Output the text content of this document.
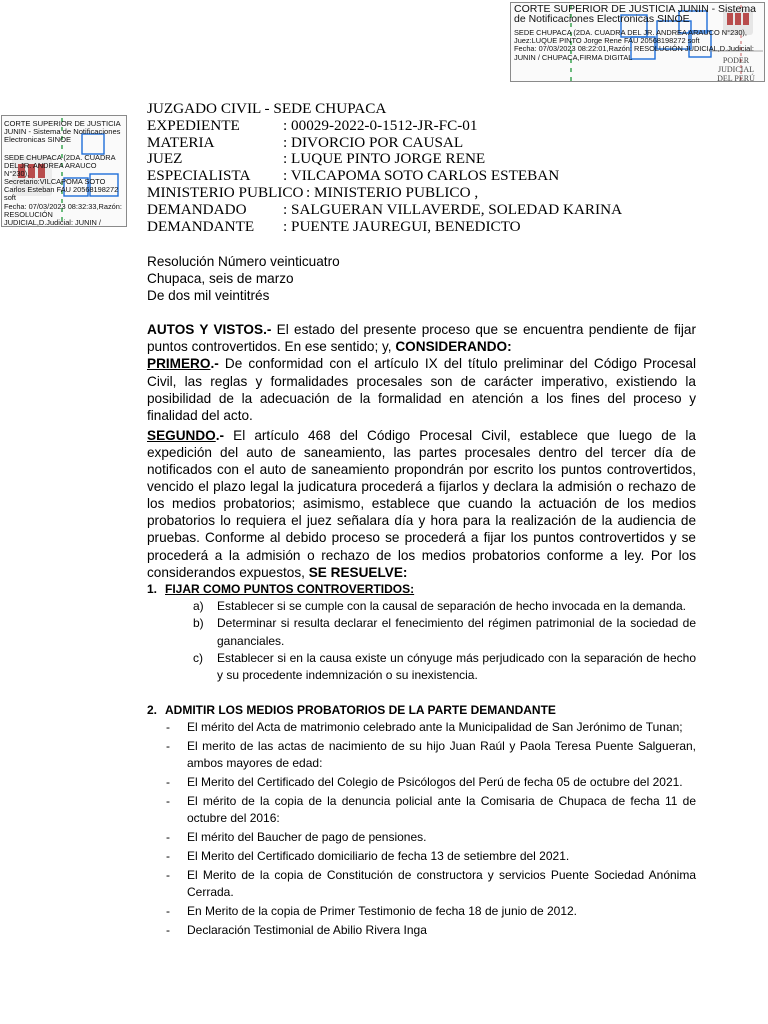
CORTE SUPERIOR DE JUSTICIA JUNIN - Sistema de Notificaciones Electronicas SINOE
SEDE CHUPACA (2DA. CUADRA DEL JR. ANDREA ARAUCO N°230),
Juez:LUQUE PINTO Jorge Rene FAU 20568198272 soft
Fecha: 07/03/2023 08:22:01,Razón: RESOLUCIÓN JUDICIAL,D.Judicial:
JUNIN / CHUPACA,FIRMA DIGITAL	PODER JUDICIAL
DEL PERÚ
CORTE SUPERIOR DE JUSTICIA
JUNIN - Sistema de Notificaciones
Electronicas SINOE
SEDE CHUPACA (2DA. CUADRA
DEL JR. ANDREA ARAUCO
N°230),
Secretario:VILCAPOMA SOTO
Carlos Esteban FAU 20568198272
soft
Fecha: 07/03/2023 08:32:33,Razón:
RESOLUCIÓN
JUDICIAL,D.Judicial: JUNIN /
JUZGADO CIVIL - SEDE CHUPACA
EXPEDIENTE	: 00029-2022-0-1512-JR-FC-01
MATERIA	: DIVORCIO POR CAUSAL
JUEZ	: LUQUE PINTO JORGE RENE
ESPECIALISTA : VILCAPOMA SOTO CARLOS ESTEBAN
MINISTERIO PUBLICO : MINISTERIO PUBLICO ,
DEMANDADO : SALGUERAN VILLAVERDE, SOLEDAD KARINA
DEMANDANTE : PUENTE JAUREGUI, BENEDICTO

Resolución Número veinticuatro

Chupaca, seis de marzo

De dos mil veintitrés

AUTOS Y VISTOS.- El estado del presente proceso que se encuentra pendiente de fijar puntos controvertidos. En ese sentido; y, CONSIDERANDO:

PRIMERO.- De conformidad con el artículo IX del título preliminar del Código Procesal Civil, las reglas y formalidades procesales son de carácter imperativo, existiendo la posibilidad de la adecuación de la formalidad en atención a los fines del proceso y finalidad del acto.

SEGUNDO.- El artículo 468 del Código Procesal Civil, establece que luego de la expedición del auto de saneamiento, las partes procesales dentro del tercer día de notificados con el auto de saneamiento propondrán por escrito los puntos controvertidos, vencido el plazo legal la judicatura procederá a fijarlos y declara la admisión o rechazo de los medios probatorios; asimismo, establece que cuando la actuación de los medios probatorios lo requiera el juez señalara día y hora para la realización de la audiencia de pruebas. Conforme al debido proceso se procederá a fijar los puntos controvertidos y se procederá a la admisión o rechazo de los medios probatorios conforme a ley. Por los considerandos expuestos, SE RESUELVE:

1. FIJAR COMO PUNTOS CONTROVERTIDOS:

a) Establecer si se cumple con la causal de separación de hecho invocada en la demanda.

b) Determinar si resulta declarar el fenecimiento del régimen patrimonial de la sociedad de gananciales.

c) Establecer si en la causa existe un cónyuge más perjudicado con la separación de hecho y su procedente indemnización o su inexistencia.

2. ADMITIR LOS MEDIOS PROBATORIOS DE LA PARTE DEMANDANTE

- El mérito del Acta de matrimonio celebrado ante la Municipalidad de San Jerónimo de Tunan;

- El merito de las actas de nacimiento de su hijo Juan Raúl y Paola Teresa Puente Salgueran, ambos mayores de edad:

- El Merito del Certificado del Colegio de Psicólogos del Perú de fecha 05 de octubre del 2021.

- El mérito de la copia de la denuncia policial ante la Comisaria de Chupaca de fecha 11 de octubre del 2016:

- El mérito del Baucher de pago de pensiones.

- El Merito del Certificado domiciliario de fecha 13 de setiembre del 2021.

- El Merito de la copia de Constitución de constructora y servicios Puente Sociedad Anónima Cerrada.

- En Merito de la copia de Primer Testimonio de fecha 18 de junio de 2012.

- Declaración Testimonial de Abilio Rivera Inga
